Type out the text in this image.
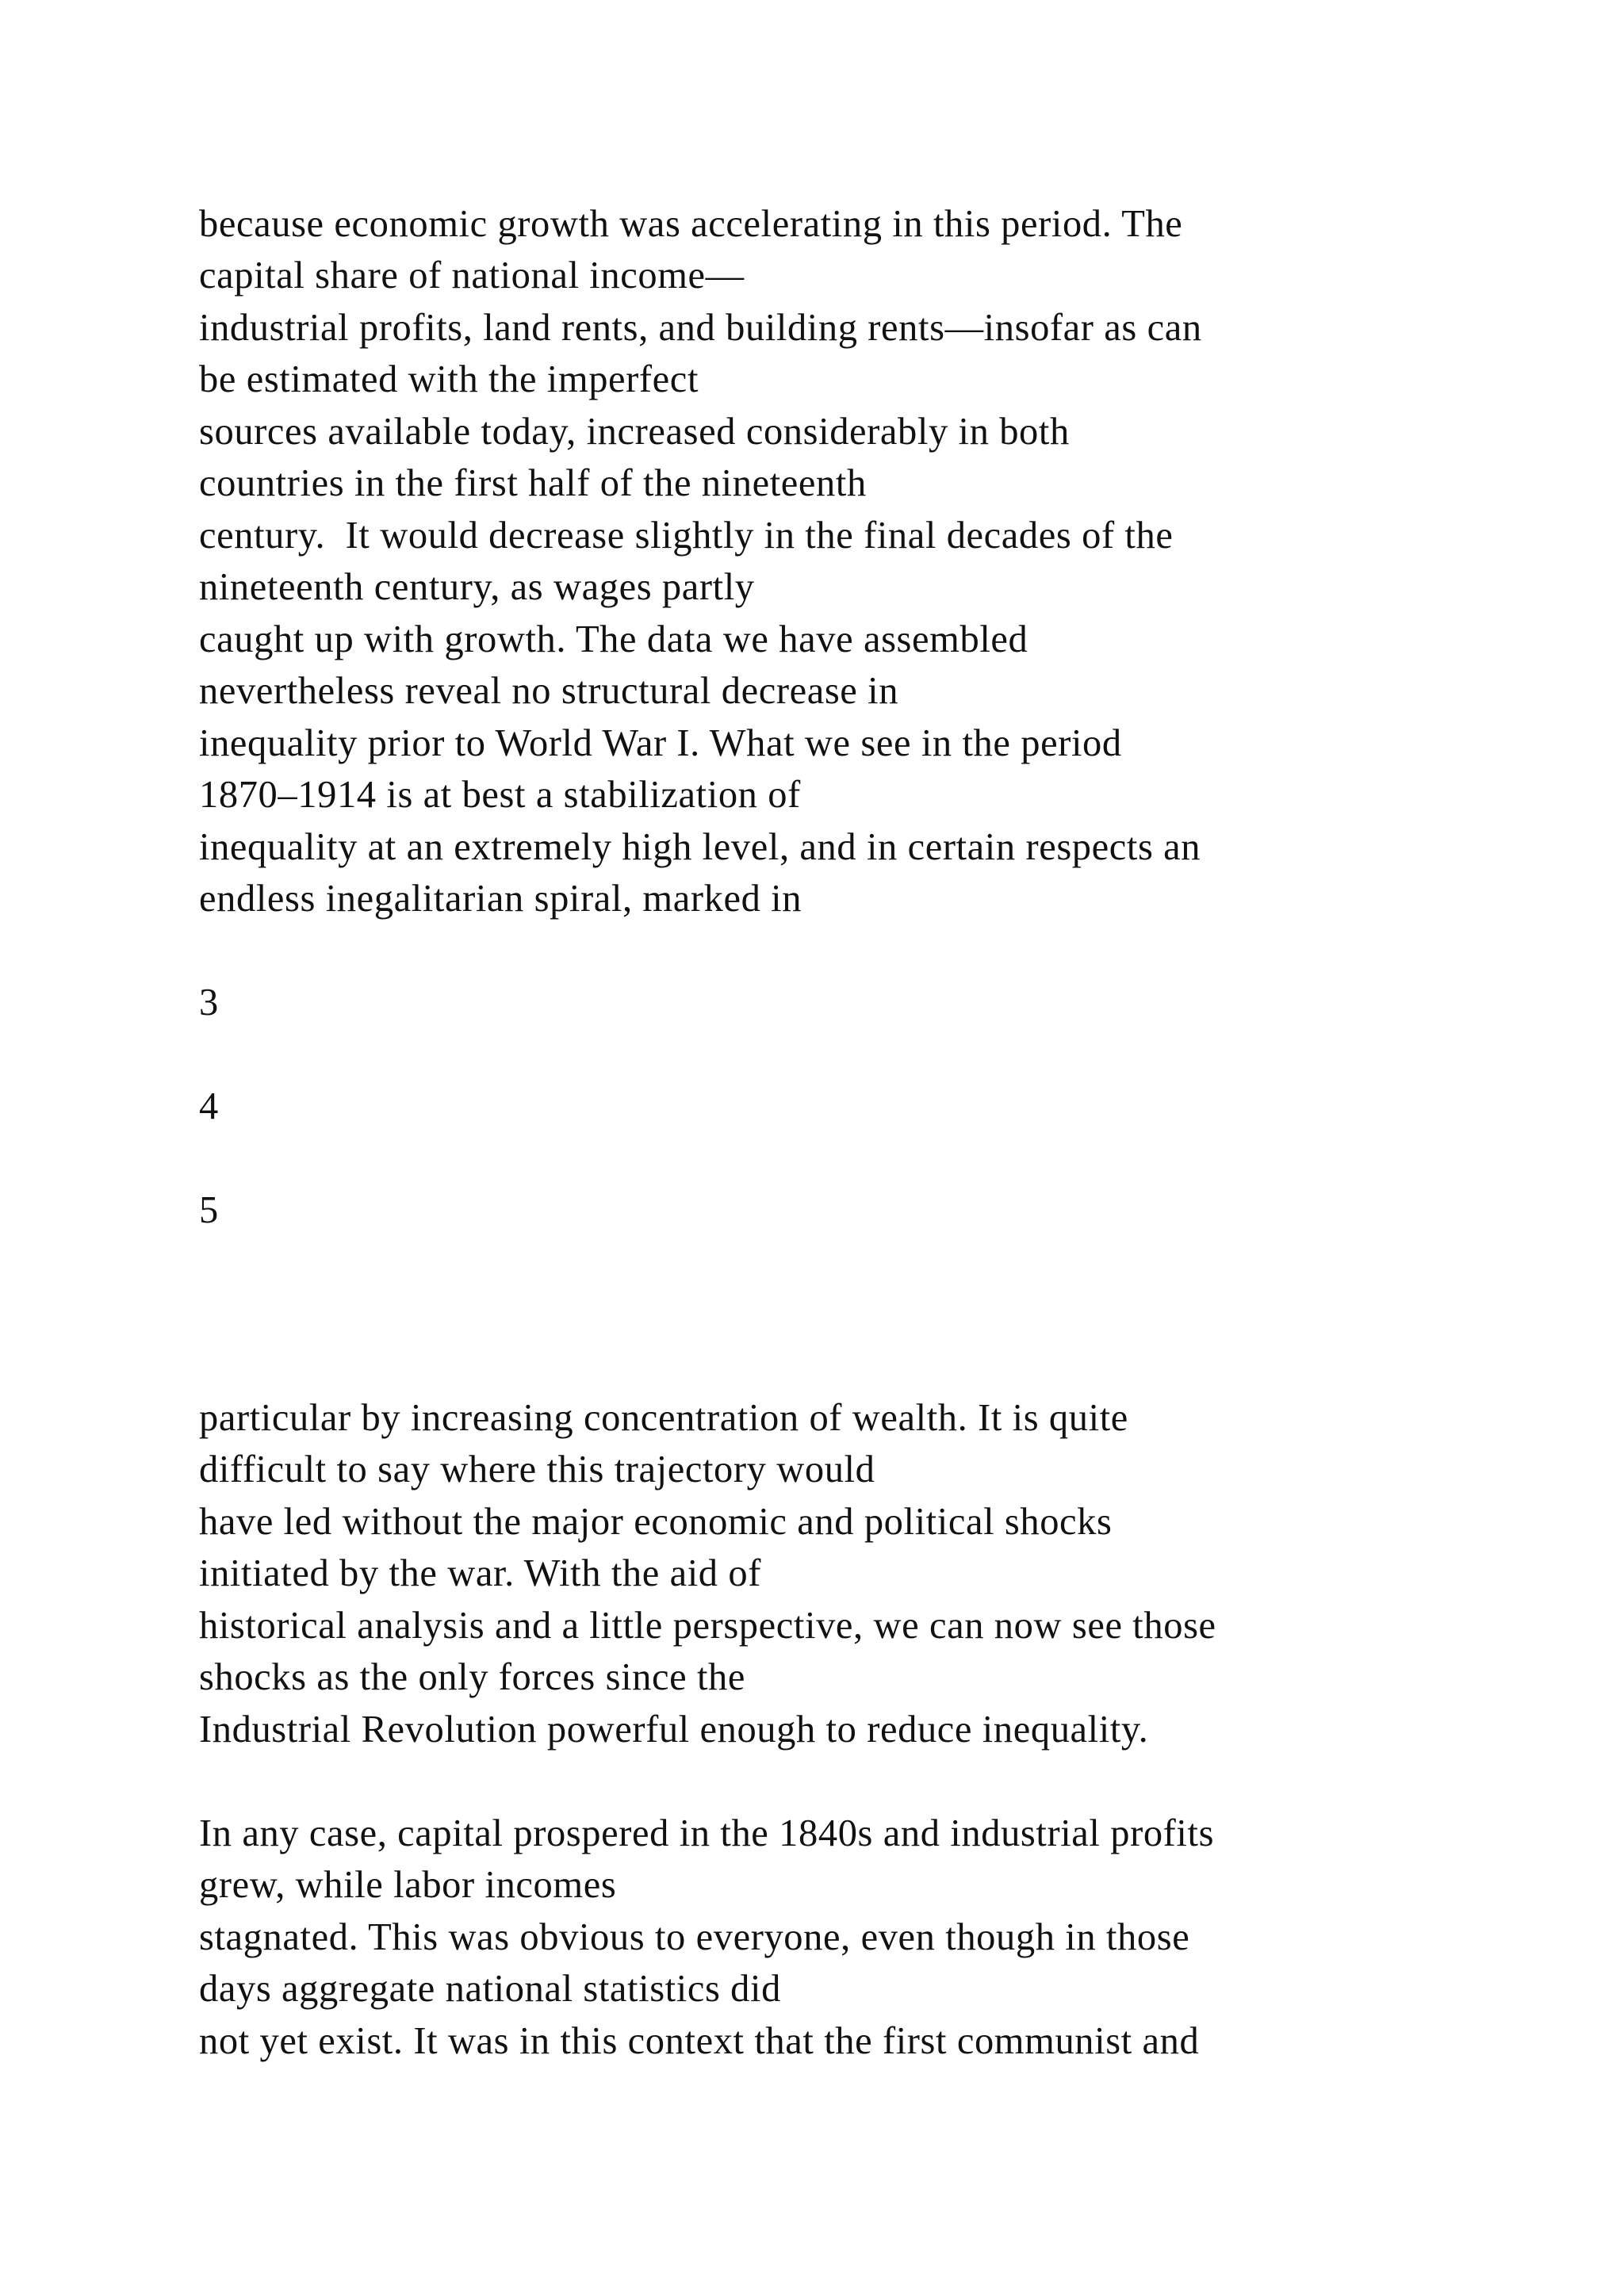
because economic growth was accelerating in this period. The

capital share of national income—

industrial profits, land rents, and building rents—insofar as can

be estimated with the imperfect

sources available today, increased considerably in both

countries in the first half of the nineteenth

century.  It would decrease slightly in the final decades of the

nineteenth century, as wages partly

caught up with growth. The data we have assembled

nevertheless reveal no structural decrease in

inequality prior to World War I. What we see in the period

1870–1914 is at best a stabilization of

inequality at an extremely high level, and in certain respects an

endless inegalitarian spiral, marked in

3

4

5

particular by increasing concentration of wealth. It is quite

difficult to say where this trajectory would

have led without the major economic and political shocks

initiated by the war. With the aid of

historical analysis and a little perspective, we can now see those

shocks as the only forces since the

Industrial Revolution powerful enough to reduce inequality.

In any case, capital prospered in the 1840s and industrial profits

grew, while labor incomes

stagnated. This was obvious to everyone, even though in those

days aggregate national statistics did

not yet exist. It was in this context that the first communist and
